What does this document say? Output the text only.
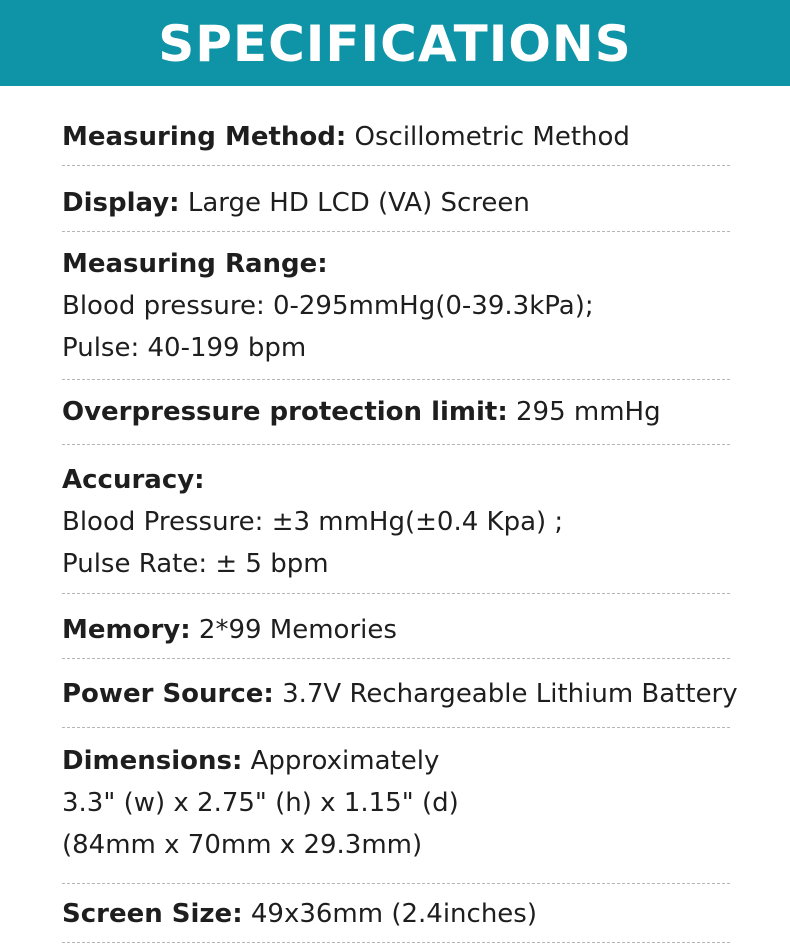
SPECIFICATIONS
Measuring Method: Oscillometric Method
Display: Large HD LCD (VA) Screen
Measuring Range:
Blood pressure: 0-295mmHg(0-39.3kPa);
Pulse: 40-199 bpm
Overpressure protection limit: 295 mmHg
Accuracy:
Blood Pressure: ±3 mmHg(±0.4 Kpa) ;
Pulse Rate: ± 5 bpm
Memory: 2*99 Memories
Power Source: 3.7V Rechargeable Lithium Battery
Dimensions: Approximately
3.3" (w) x 2.75" (h) x 1.15" (d)
(84mm x 70mm x 29.3mm)
Screen Size: 49x36mm (2.4inches)
